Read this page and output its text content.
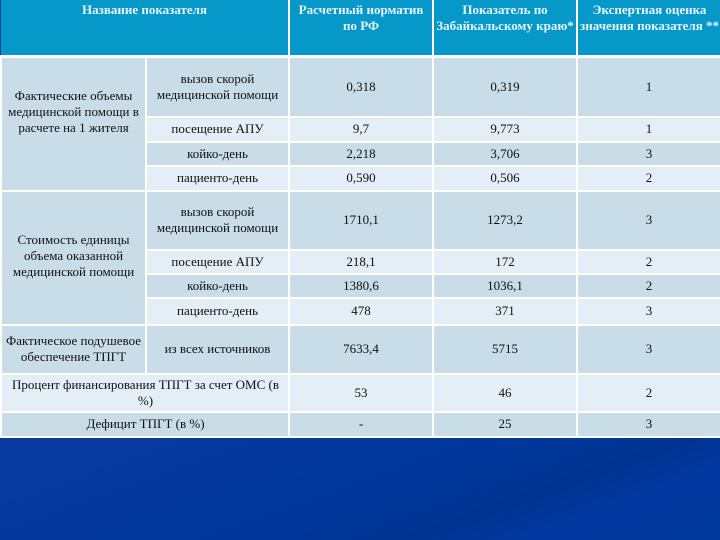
Название показателя		Расчетный норматив по РФ	Показатель по Забайкальскому краю*	Экспертная оценка значения показателя **
Фактические объемы медицинской помощи в расчете на 1 жителя	вызов скорой медицинской помощи	0,318	0,319	1
	посещение АПУ	9,7	9,773	1
	койко-день	2,218	3,706	3
	пациенто-день	0,590	0,506	2
Стоимость единицы объема оказанной медицинской помощи	вызов скорой медицинской помощи	1710,1	1273,2	3
	посещение АПУ	218,1	172	2
	койко-день	1380,6	1036,1	2
	пациенто-день	478	371	3
Фактическое подушевое обеспечение ТПГТ	из всех источников	7633,4	5715	3
Процент финансирования ТПГТ за счет ОМС (в %)		53	46	2
Дефицит ТПГТ (в %)		-	25	3
